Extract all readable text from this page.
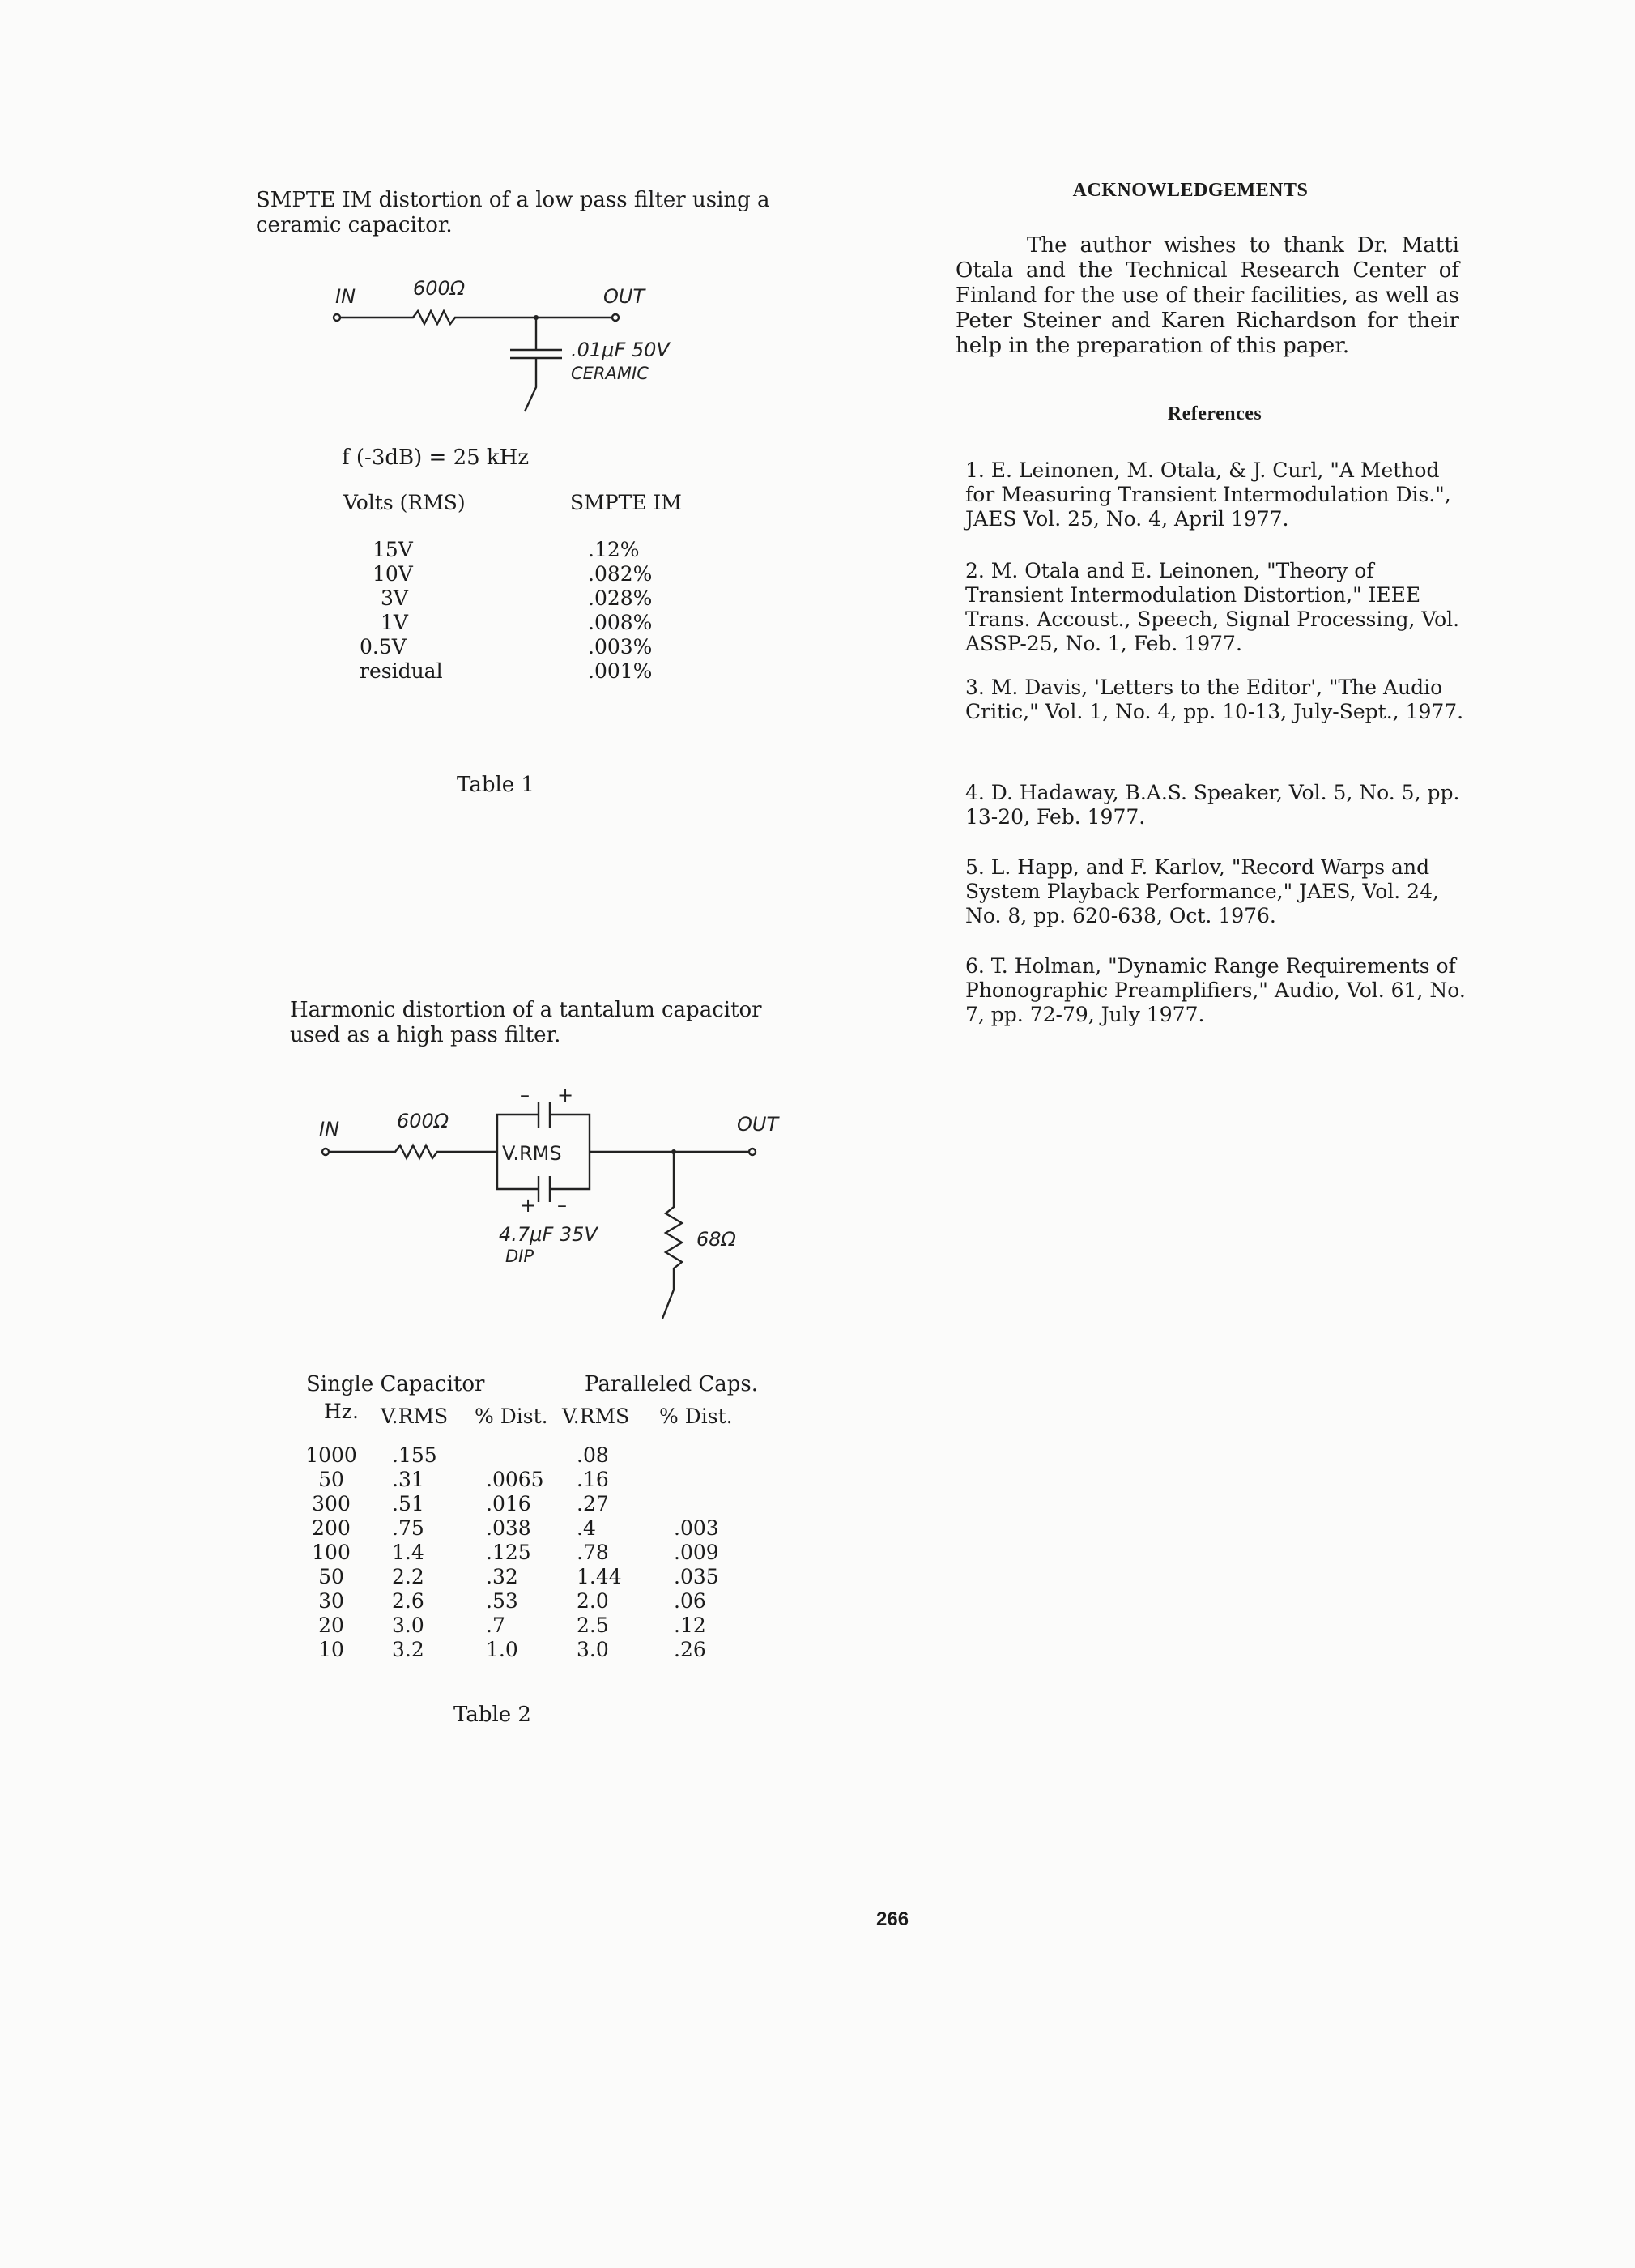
SMPTE IM distortion of a low pass filter using a ceramic capacitor.
IN	600Ω	OUT
.01μF 50V
CERAMIC
f (-3dB) = 25 kHz
Volts (RMS)	SMPTE IM
15V	.12%
10V	.082%
3V	.028%
1V	.008%
0.5V	.003%
residual	.001%
Table 1
Harmonic distortion of a tantalum capacitor used as a high pass filter.
IN	600Ω	OUT
– +
V.RMS
+ –
68Ω
4.7μF 35V
DIP
Single Capacitor	Paralleled Caps.
Hz.	V.RMS	% Dist.	V.RMS	% Dist.
1000	.155		.08	
50	.31	.0065	.16	
300	.51	.016	.27	
200	.75	.038	.4	.003
100	1.4	.125	.78	.009
50	2.2	.32	1.44	.035
30	2.6	.53	2.0	.06
20	3.0	.7	2.5	.12
10	3.2	1.0	3.0	.26
Table 2
ACKNOWLEDGEMENTS
The author wishes to thank Dr. Matti Otala and the Technical Research Center of Finland for the use of their facilities, as well as Peter Steiner and Karen Richardson for their help in the preparation of this paper.
References
1. E. Leinonen, M. Otala, & J. Curl, "A Method for Measuring Transient Intermodulation Dis.", JAES Vol. 25, No. 4, April 1977.
2. M. Otala and E. Leinonen, "Theory of Transient Intermodulation Distortion," IEEE Trans. Accoust., Speech, Signal Processing, Vol. ASSP-25, No. 1, Feb. 1977.
3. M. Davis, 'Letters to the Editor', "The Audio Critic," Vol. 1, No. 4, pp. 10-13, July-Sept., 1977.
4. D. Hadaway, B.A.S. Speaker, Vol. 5, No. 5, pp. 13-20, Feb. 1977.
5. L. Happ, and F. Karlov, "Record Warps and System Playback Performance," JAES, Vol. 24, No. 8, pp. 620-638, Oct. 1976.
6. T. Holman, "Dynamic Range Requirements of Phonographic Preamplifiers," Audio, Vol. 61, No. 7, pp. 72-79, July 1977.
266
